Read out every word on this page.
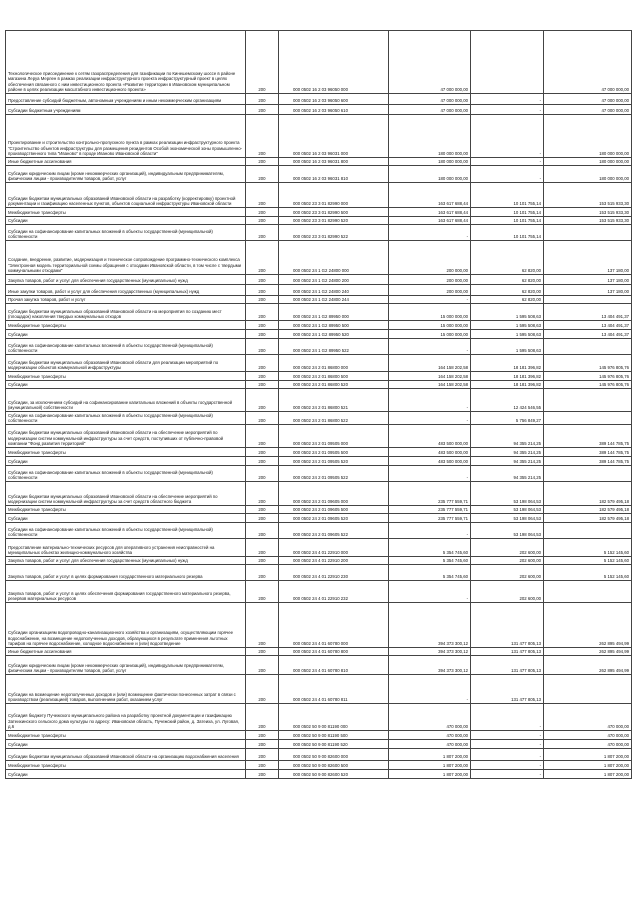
Технологическое присоединение к сетям газораспределения для газификации по Кинешемскому шоссе в районе магазина Леруа Мерлен в рамках реализации инфраструктурного проекта инфраструктурный проект в целях обеспечения связанного с ним инвестиционного проекта «Развитие территории в Ивановском муниципальном районе в целях реализации масштабного инвестиционного проекта»	200	000 0502 16 2 03 96050 000	47 000 000,00		47 000 000,00
Предоставление субсидий бюджетным, автономным учреждениям и иным некоммерческим организациям	200	000 0502 16 2 03 96050 600	47 000 000,00	-	47 000 000,00
Субсидии бюджетным учреждениям	200	000 0502 16 2 03 96050 610	47 000 000,00	-	47 000 000,00
Проектирование и строительство контрольно-пропускного пункта в рамках реализации инфраструктурного проекта "Строительство объектов инфраструктуры для размещения резидентов Особой экономической зоны промышленно-производственного типа "Иваново" в городе Иваново Ивановской области"	200	000 0502 16 2 03 96031 000	180 000 000,00	-	180 000 000,00
Иные бюджетные ассигнования	200	000 0502 16 2 03 96031 800	180 000 000,00	-	180 000 000,00
Субсидии юридическим лицам (кроме некоммерческих организаций), индивидуальным предпринимателям, физическим лицам - производителям товаров, работ, услуг	200	000 0502 16 2 03 96031 810	180 000 000,00	-	180 000 000,00
Субсидии бюджетам муниципальных образований Ивановской области на разработку (корректировку) проектной документации и газификацию населенных пунктов, объектов социальной инфраструктуры Ивановской области	200	000 0502 23 3 01 82990 000	163 617 688,44	10 101 755,14	153 515 933,30
Межбюджетные трансферты	200	000 0502 23 3 01 82990 500	163 617 688,44	10 101 755,14	153 515 933,30
Субсидии	200	000 0502 23 3 01 82990 520	163 617 688,44	10 101 755,14	153 515 933,30
Субсидии на софинансирование капитальных вложений в объекты государственной (муниципальной) собственности	200	000 0502 23 3 01 82990 522	-	10 101 755,14	
Создание, внедрение, развитие, модернизация и техническое сопровождение программно-технического комплекса "Электронная модель территориальной схемы обращения с отходами Ивановской области, в том числе с твердыми коммунальными отходами"	200	000 0502 24 1 G2 24800 000	200 000,00	62 820,00	137 180,00
Закупка товаров, работ и услуг для обеспечения государственных (муниципальных) нужд	200	000 0502 24 1 G2 24800 200	200 000,00	62 820,00	137 180,00
Иные закупки товаров, работ и услуг для обеспечения государственных (муниципальных) нужд	200	000 0502 24 1 G2 24800 240	200 000,00	62 820,00	137 180,00
Прочая закупка товаров, работ и услуг	200	000 0502 24 1 G2 24800 244	-	62 820,00	
Субсидии бюджетам муниципальных образований Ивановской области на мероприятия по созданию мест (площадок) накопления твердых коммунальных отходов	200	000 0502 24 1 G2 89950 000	15 000 000,00	1 595 508,63	13 404 491,37
Межбюджетные трансферты	200	000 0502 24 1 G2 89950 500	15 000 000,00	1 595 508,63	13 404 491,37
Субсидии	200	000 0502 24 1 G2 89950 520	15 000 000,00	1 595 508,63	13 404 491,37
Субсидии на софинансирование капитальных вложений в объекты государственной (муниципальной) собственности	200	000 0502 24 1 G2 89950 522	-	1 595 508,63	
Субсидии бюджетам муниципальных образований Ивановской области для реализации мероприятий по модернизации объектов коммунальной инфраструктуры	200	000 0502 24 2 01 86800 000	164 158 202,58	18 181 396,82	145 976 805,76
Межбюджетные трансферты	200	000 0502 24 2 01 86800 500	164 158 202,58	18 181 396,82	145 976 805,76
Субсидии	200	000 0502 24 2 01 86800 520	164 158 202,58	18 181 396,82	145 976 805,76
Субсидии, за исключением субсидий на софинансирование капитальных вложений в объекты государственной (муниципальной) собственности	200	000 0502 24 2 01 86800 521	-	12 424 546,55	
Субсидии на софинансирование капитальных вложений в объекты государственной (муниципальной) собственности	200	000 0502 24 2 01 86800 522	-	5 756 849,27	
Субсидии бюджетам муниципальных образований Ивановской области на обеспечение мероприятий по модернизации систем коммунальной инфраструктуры за счет средств, поступивших от публично-правовой компании "Фонд развития территорий"	200	000 0502 24 2 01 09505 000	483 500 000,00	94 355 214,25	389 144 785,75
Межбюджетные трансферты	200	000 0502 24 2 01 09505 500	483 500 000,00	94 355 214,25	389 144 785,75
Субсидии	200	000 0502 24 2 01 09505 520	483 500 000,00	94 355 214,25	389 144 785,75
Субсидии на софинансирование капитальных вложений в объекты государственной (муниципальной) собственности	200	000 0502 24 2 01 09505 522	-	94 355 214,25	
Субсидии бюджетам муниципальных образований Ивановской области на обеспечение мероприятий по модернизации систем коммунальной инфраструктуры за счет средств областного бюджета	200	000 0502 24 2 01 09605 000	235 777 559,71	53 198 064,53	182 579 495,18
Межбюджетные трансферты	200	000 0502 24 2 01 09605 500	235 777 559,71	53 198 064,53	182 579 495,18
Субсидии	200	000 0502 24 2 01 09605 520	235 777 559,71	53 198 064,53	182 579 495,18
Субсидии на софинансирование капитальных вложений в объекты государственной (муниципальной) собственности	200	000 0502 24 2 01 09605 522	-	53 198 064,53	
Предоставление материально-технических ресурсов для оперативного устранения неисправностей на муниципальных объектах жилищно-коммунального хозяйства	200	000 0502 24 4 01 22910 000	5 354 745,60	202 600,00	5 152 145,60
Закупка товаров, работ и услуг для обеспечения государственных (муниципальных) нужд	200	000 0502 24 4 01 22910 200	5 354 745,60	202 600,00	5 152 145,60
Закупка товаров, работ и услуг в целях формирования государственного материального резерва	200	000 0502 24 4 01 22910 230	5 354 745,60	202 600,00	5 152 145,60
Закупка товаров, работ и услуг в целях обеспечения формирования государственного материального резерва, резервов материальных ресурсов	200	000 0502 24 4 01 22910 232	-	202 600,00	
Субсидии организациям водопроводно-канализационного хозяйства и организациям, осуществляющим горячее водоснабжение, на возмещение недополученных доходов, образующихся в результате применения льготных тарифов на горячее водоснабжение, холодное водоснабжение и (или) водоотведение	200	000 0502 24 4 01 60780 000	394 373 300,12	131 477 805,13	262 895 494,99
Иные бюджетные ассигнования	200	000 0502 24 4 01 60780 800	394 373 300,12	131 477 805,13	262 895 494,99
Субсидии юридическим лицам (кроме некоммерческих организаций), индивидуальным предпринимателям, физическим лицам - производителям товаров, работ, услуг	200	000 0502 24 4 01 60780 810	394 373 300,12	131 477 805,13	262 895 494,99
Субсидии на возмещение недополученных доходов и (или) возмещение фактически понесенных затрат в связи с производством (реализацией) товаров, выполнением работ, оказанием услуг	200	000 0502 24 4 01 60780 811	-	131 477 805,13	
Субсидия бюджету Пучежского муниципального района на разработку проектной документации и газификацию Затеихинского сельского дома культуры по адресу: Ивановская область, Пучежский район, д. Затеиха, ул. Луговая, д.6	200	000 0502 50 9 00 81190 000	470 000,00	-	470 000,00
Межбюджетные трансферты	200	000 0502 50 9 00 81190 500	470 000,00	-	470 000,00
Субсидии	200	000 0502 50 9 00 81190 520	470 000,00	-	470 000,00
Субсидии бюджетам муниципальных образований Ивановской области на организацию водоснабжения населения	200	000 0502 50 9 00 82600 000	1 807 200,00	-	1 807 200,00
Межбюджетные трансферты	200	000 0502 50 9 00 82600 500	1 807 200,00	-	1 807 200,00
Субсидии	200	000 0502 50 9 00 82600 520	1 807 200,00	-	1 807 200,00
